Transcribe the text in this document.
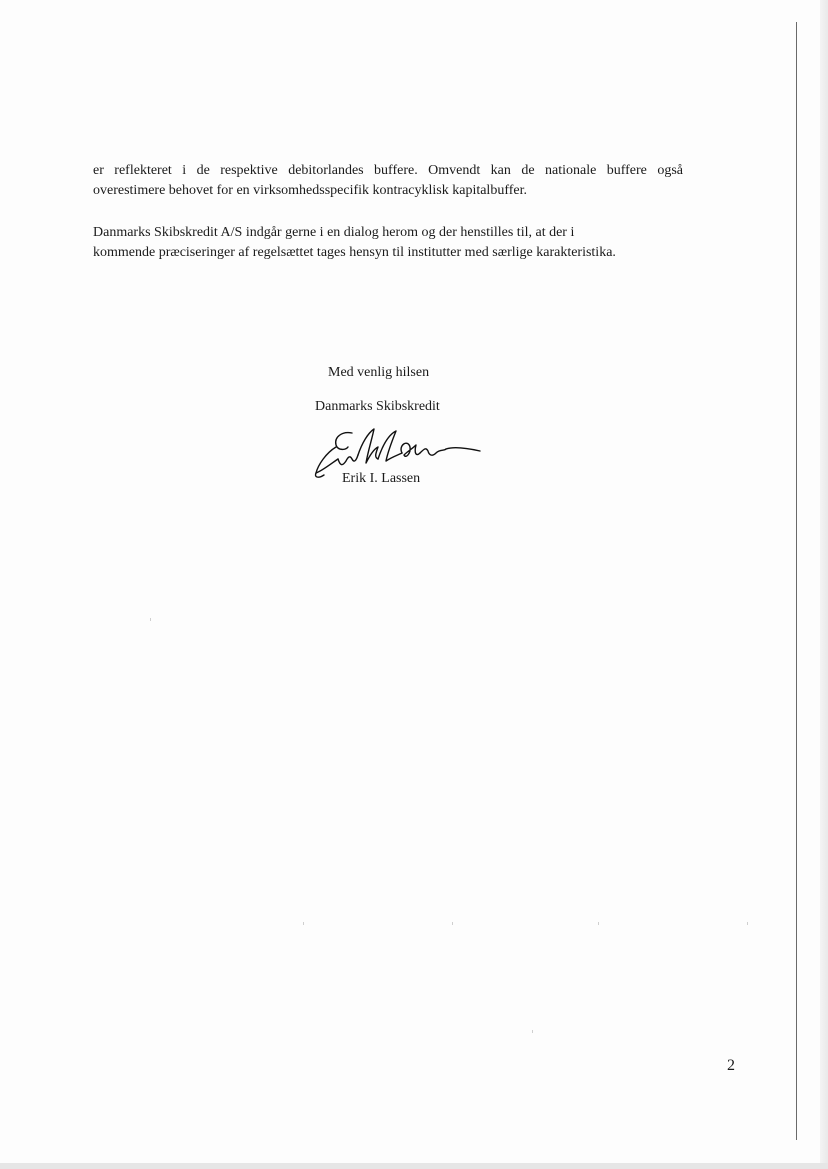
er reflekteret i de respektive debitorlandes buffere. Omvendt kan de nationale buffere også
overestimere behovet for en virksomhedsspecifik kontracyklisk kapitalbuffer.

Danmarks Skibskredit A/S indgår gerne i en dialog herom og der henstilles til, at der i
kommende præciseringer af regelsættet tages hensyn til institutter med særlige karakteristika.

Med venlig hilsen

Danmarks Skibskredit

Erik I. Lassen

2
